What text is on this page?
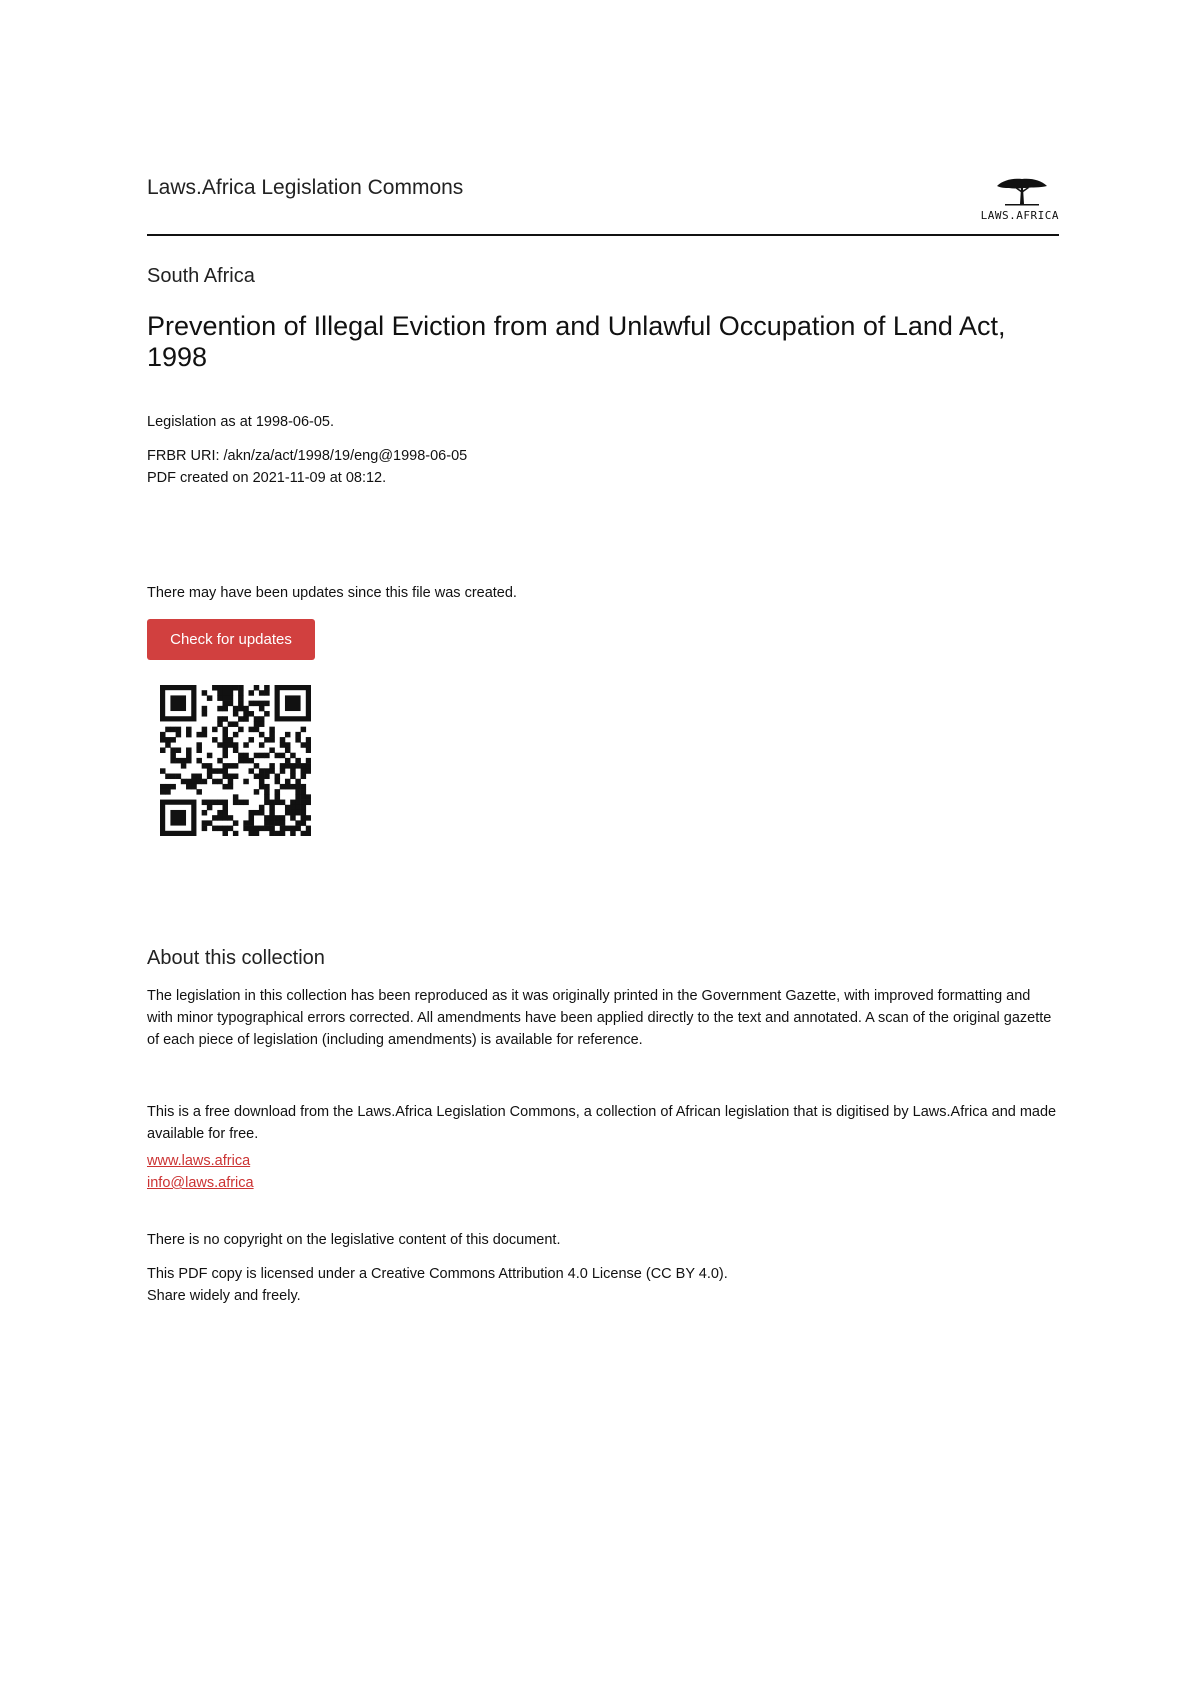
Laws.Africa Legislation Commons
LAWS.AFRICA
South Africa
Prevention of Illegal Eviction from and Unlawful Occupation of Land Act, 1998
Legislation as at 1998-06-05.
FRBR URI: /akn/za/act/1998/19/eng@1998-06-05
PDF created on 2021-11-09 at 08:12.
There may have been updates since this file was created.
Check for updates
About this collection
The legislation in this collection has been reproduced as it was originally printed in the Government Gazette, with improved formatting and with minor typographical errors corrected. All amendments have been applied directly to the text and annotated. A scan of the original gazette of each piece of legislation (including amendments) is available for reference.
This is a free download from the Laws.Africa Legislation Commons, a collection of African legislation that is digitised by Laws.Africa and made available for free.
www.laws.africa
info@laws.africa
There is no copyright on the legislative content of this document.
This PDF copy is licensed under a Creative Commons Attribution 4.0 License (CC BY 4.0).
Share widely and freely.
